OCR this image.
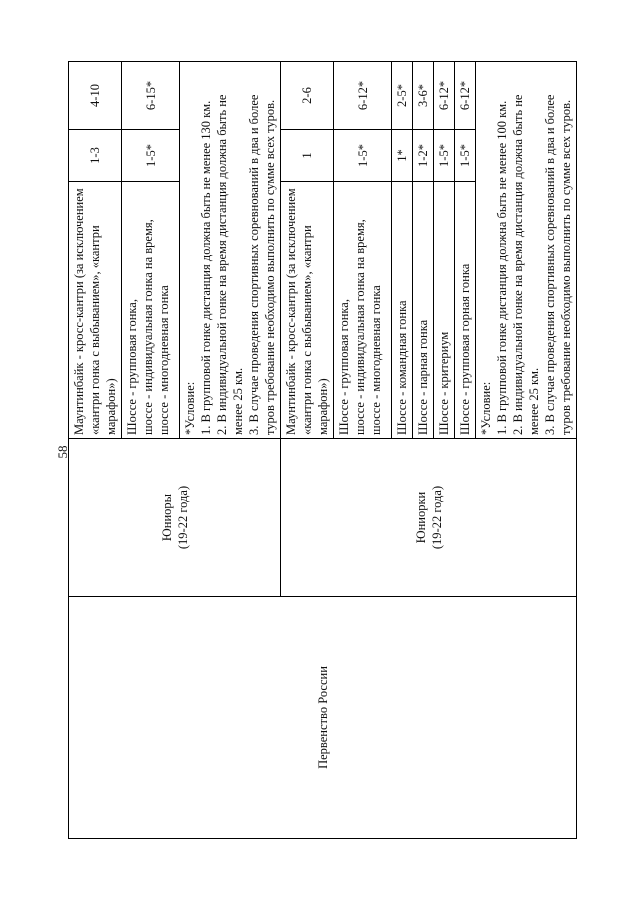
58
Первенство России	Юниоры (19-22 года)	Маунтинбайк - кросс-кантри (за исключением «кантри гонка с выбыванием», «кантри марафон»)	1-3	4-10
		Шоссе - групповая гонка,
шоссе - индивидуальная гонка на время,
шоссе - многодневная гонка	1-5*	6-15*

		*Условие: 1. В групповой гонке дистанция должна быть не менее 130 км. 2. В индивидуальной гонке на время дистанция должна быть не менее 25 км. 3. В случае проведения спортивных соревнований в два и более туров требование необходимо выполнить по сумме всех туров.		

	Юниорки (19-22 года)	Маунтинбайк - кросс-кантри (за исключением «кантри гонка с выбыванием», «кантри марафон»)	1	2-6
		Шоссе - групповая гонка,
шоссе - индивидуальная гонка на время,
шоссе - многодневная гонка	1-5*	6-12*
		Шоссе - командная гонка	1*	2-5*
		Шоссе - парная гонка	1-2*	3-6*
		Шоссе - критериум	1-5*	6-12*
		Шоссе - групповая горная гонка	1-5*	6-12*

		*Условие: 1. В групповой гонке дистанция должна быть не менее 100 км. 2. В индивидуальной гонке на время дистанция должна быть не менее 25 км. 3. В случае проведения спортивных соревнований в два и более туров требование необходимо выполнить по сумме всех туров.		
